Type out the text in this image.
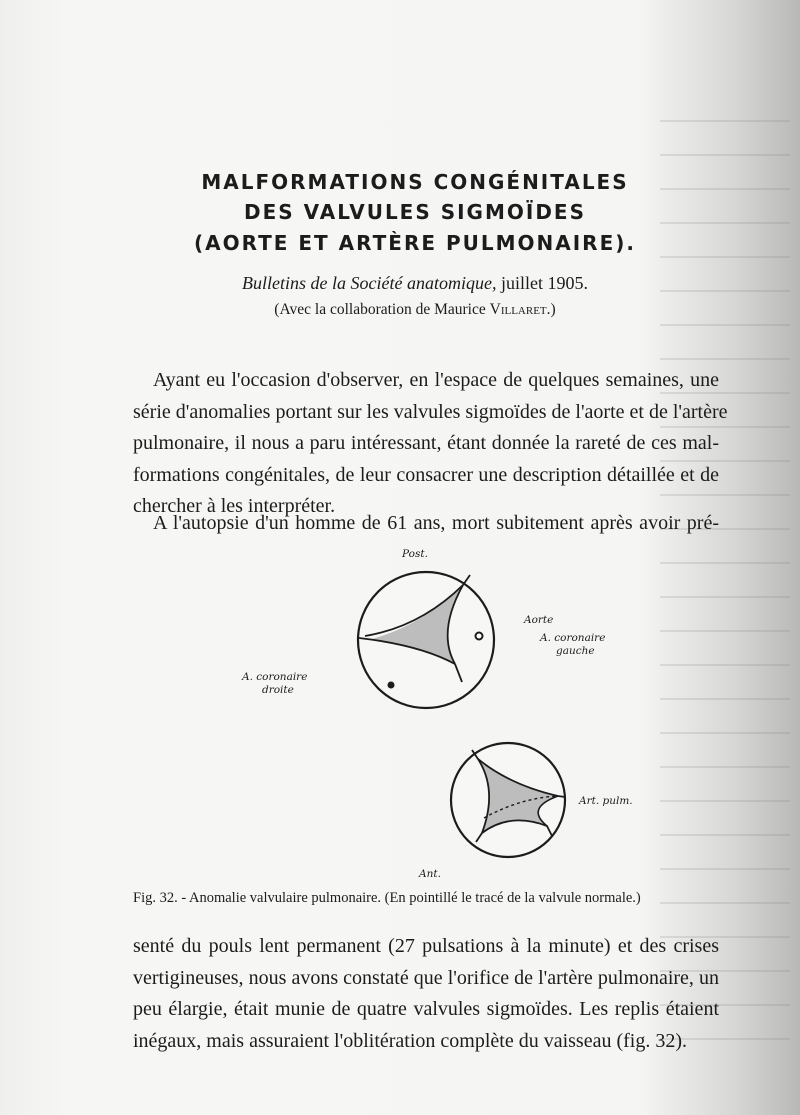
MALFORMATIONS CONGÉNITALES
DES VALVULES SIGMOÏDES
(AORTE ET ARTÈRE PULMONAIRE).
Bulletins de la Société anatomique, juillet 1905.
(Avec la collaboration de Maurice Villaret.)
Ayant eu l'occasion d'observer, en l'espace de quelques semaines, une
série d'anomalies portant sur les valvules sigmoïdes de l'aorte et de l'artère
pulmonaire, il nous a paru intéressant, étant donnée la rareté de ces mal-
formations congénitales, de leur consacrer une description détaillée et de
chercher à les interpréter.
A l'autopsie d'un homme de 61 ans, mort subitement après avoir pré-
Post.
Aorte
A. coronaire
gauche
A. coronaire
droite
Art. pulm.
Ant.
Fig. 32. - Anomalie valvulaire pulmonaire. (En pointillé le tracé de la valvule normale.)
senté du pouls lent permanent (27 pulsations à la minute) et des crises
vertigineuses, nous avons constaté que l'orifice de l'artère pulmonaire, un
peu élargie, était munie de quatre valvules sigmoïdes. Les replis étaient
inégaux, mais assuraient l'oblitération complète du vaisseau (fig. 32).
